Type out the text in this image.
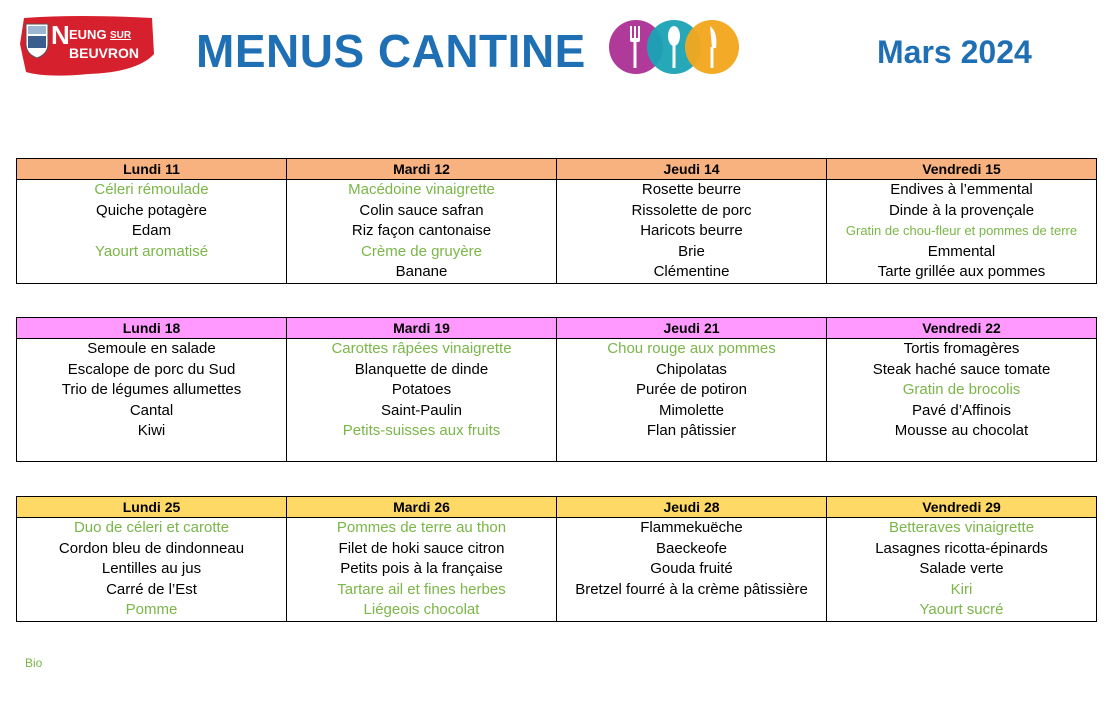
N EUNG SUR
BEUVRON MENUS CANTINE	Mars 2024
Lundi 11	Mardi 12	Jeudi 14	Vendredi 15

Céleri rémoulade
Quiche potagère
Edam
Yaourt aromatisé	Macédoine vinaigrette
Colin sauce safran
Riz façon cantonaise
Crème de gruyère
Banane	Rosette beurre
Rissolette de porc
Haricots beurre
Brie
Clémentine	Endives à l’emmental
Dinde à la provençale
Gratin de chou-fleur et pommes de terre
Emmental
Tarte grillée aux pommes
Lundi 18	Mardi 19	Jeudi 21	Vendredi 22

Semoule en salade
Escalope de porc du Sud
Trio de légumes allumettes
Cantal
Kiwi	Carottes râpées vinaigrette
Blanquette de dinde
Potatoes
Saint-Paulin
Petits-suisses aux fruits	Chou rouge aux pommes
Chipolatas
Purée de potiron
Mimolette
Flan pâtissier	Tortis fromagères
Steak haché sauce tomate
Gratin de brocolis
Pavé d’Affinois
Mousse au chocolat
Lundi 25	Mardi 26	Jeudi 28	Vendredi 29

Duo de céleri et carotte
Cordon bleu de dindonneau
Lentilles au jus
Carré de l’Est
Pomme	Pommes de terre au thon
Filet de hoki sauce citron
Petits pois à la française
Tartare ail et fines herbes
Liégeois chocolat	Flammekuëche
Baeckeofe
Gouda fruité
Bretzel fourré à la crème pâtissière	Betteraves vinaigrette
Lasagnes ricotta-épinards
Salade verte
Kiri
Yaourt sucré
Bio
